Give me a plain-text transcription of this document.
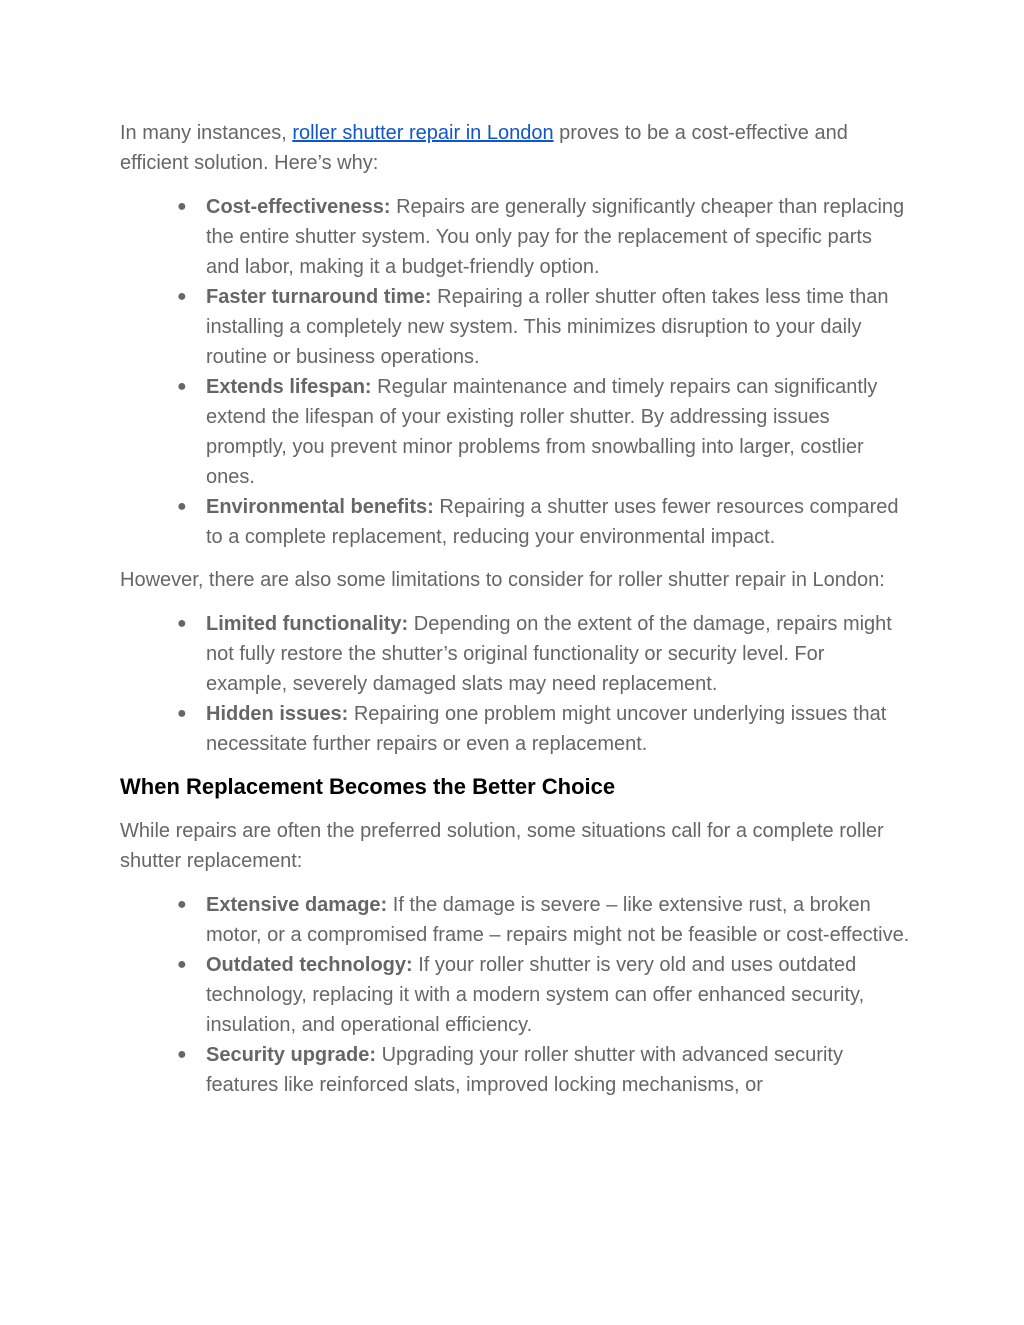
In many instances, roller shutter repair in London proves to be a cost-effective and efficient solution. Here’s why:

● Cost-effectiveness: Repairs are generally significantly cheaper than replacing the entire shutter system. You only pay for the replacement of specific parts and labor, making it a budget-friendly option.
● Faster turnaround time: Repairing a roller shutter often takes less time than installing a completely new system. This minimizes disruption to your daily routine or business operations.
● Extends lifespan: Regular maintenance and timely repairs can significantly extend the lifespan of your existing roller shutter. By addressing issues promptly, you prevent minor problems from snowballing into larger, costlier ones.
● Environmental benefits: Repairing a shutter uses fewer resources compared to a complete replacement, reducing your environmental impact.

However, there are also some limitations to consider for roller shutter repair in London:

● Limited functionality: Depending on the extent of the damage, repairs might not fully restore the shutter’s original functionality or security level. For example, severely damaged slats may need replacement.
● Hidden issues: Repairing one problem might uncover underlying issues that necessitate further repairs or even a replacement.
When Replacement Becomes the Better Choice

While repairs are often the preferred solution, some situations call for a complete roller shutter replacement:

● Extensive damage: If the damage is severe – like extensive rust, a broken motor, or a compromised frame – repairs might not be feasible or cost-effective.
● Outdated technology: If your roller shutter is very old and uses outdated technology, replacing it with a modern system can offer enhanced security, insulation, and operational efficiency.
● Security upgrade: Upgrading your roller shutter with advanced security features like reinforced slats, improved locking mechanisms, or
